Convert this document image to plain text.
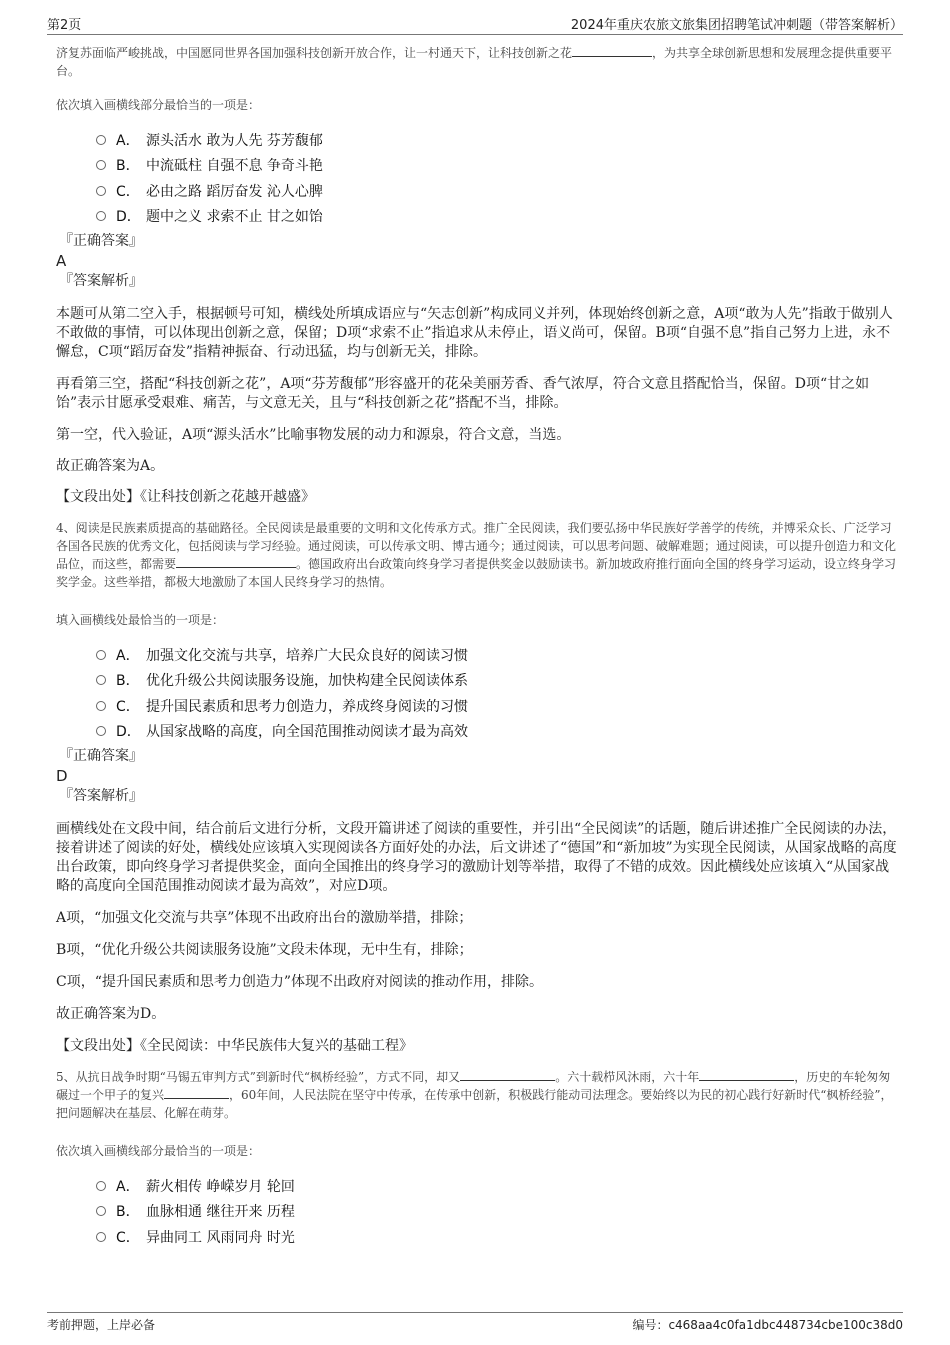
第2页	2024年重庆农旅文旅集团招聘笔试冲刺题（带答案解析）

济复苏面临严峻挑战，中国愿同世界各国加强科技创新开放合作，让一村通天下，让科技创新之花	，为共享全球创新思想和发展理念提供重要平台。

依次填入画横线部分最恰当的一项是：
A． 源头活水 敢为人先 芬芳馥郁
B． 中流砥柱 自强不息 争奇斗艳
C． 必由之路 蹈厉奋发 沁人心脾
D． 题中之义 求索不止 甘之如饴
『正确答案』
A
『答案解析』

本题可从第二空入手，根据顿号可知，横线处所填成语应与“矢志创新”构成同义并列，体现始终创新之意，A项“敢为人先”指敢于做别人不敢做的事情，可以体现出创新之意，保留；D项“求索不止”指追求从未停止，语义尚可，保留。B项“自强不息”指自己努力上进，永不懈怠，C项“蹈厉奋发”指精神振奋、行动迅猛，均与创新无关，排除。

再看第三空，搭配“科技创新之花”，A项“芬芳馥郁”形容盛开的花朵美丽芳香、香气浓厚，符合文意且搭配恰当，保留。D项“甘之如饴”表示甘愿承受艰难、痛苦，与文意无关，且与“科技创新之花”搭配不当，排除。

第一空，代入验证，A项“源头活水”比喻事物发展的动力和源泉，符合文意，当选。

故正确答案为A。

【文段出处】《让科技创新之花越开越盛》

4、阅读是民族素质提高的基础路径。全民阅读是最重要的文明和文化传承方式。推广全民阅读，我们要弘扬中华民族好学善学的传统，并博采众长、广泛学习各国各民族的优秀文化，包括阅读与学习经验。通过阅读，可以传承文明、博古通今；通过阅读，可以思考问题、破解难题；通过阅读，可以提升创造力和文化品位，而这些，都需要	。德国政府出台政策向终身学习者提供奖金以鼓励读书。新加坡政府推行面向全国的终身学习运动，设立终身学习奖学金。这些举措，都极大地激励了本国人民终身学习的热情。

填入画横线处最恰当的一项是：
A． 加强文化交流与共享，培养广大民众良好的阅读习惯
B． 优化升级公共阅读服务设施，加快构建全民阅读体系
C． 提升国民素质和思考力创造力，养成终身阅读的习惯
D． 从国家战略的高度，向全国范围推动阅读才最为高效
『正确答案』
D
『答案解析』

画横线处在文段中间，结合前后文进行分析，文段开篇讲述了阅读的重要性，并引出“全民阅读”的话题，随后讲述推广全民阅读的办法，接着讲述了阅读的好处，横线处应该填入实现阅读各方面好处的办法，后文讲述了“德国”和“新加坡”为实现全民阅读，从国家战略的高度出台政策，即向终身学习者提供奖金，面向全国推出的终身学习的激励计划等举措，取得了不错的成效。因此横线处应该填入“从国家战略的高度向全国范围推动阅读才最为高效”，对应D项。

A项，“加强文化交流与共享”体现不出政府出台的激励举措，排除；

B项，“优化升级公共阅读服务设施”文段未体现，无中生有，排除；

C项，“提升国民素质和思考力创造力”体现不出政府对阅读的推动作用，排除。

故正确答案为D。

【文段出处】《全民阅读：中华民族伟大复兴的基础工程》

5、从抗日战争时期“马锡五审判方式”到新时代“枫桥经验”，方式不同，却又	。六十载栉风沐雨，六十年	，历史的车轮匆匆碾过一个甲子的复兴	，60年间，人民法院在坚守中传承，在传承中创新，积极践行能动司法理念。要始终以为民的初心践行好新时代“枫桥经验”，把问题解决在基层、化解在萌芽。

依次填入画横线部分最恰当的一项是：
A． 薪火相传 峥嵘岁月 轮回
B． 血脉相通 继往开来 历程
C． 异曲同工 风雨同舟 时光
考前押题，上岸必备	编号：c468aa4c0fa1dbc448734cbe100c38d0
